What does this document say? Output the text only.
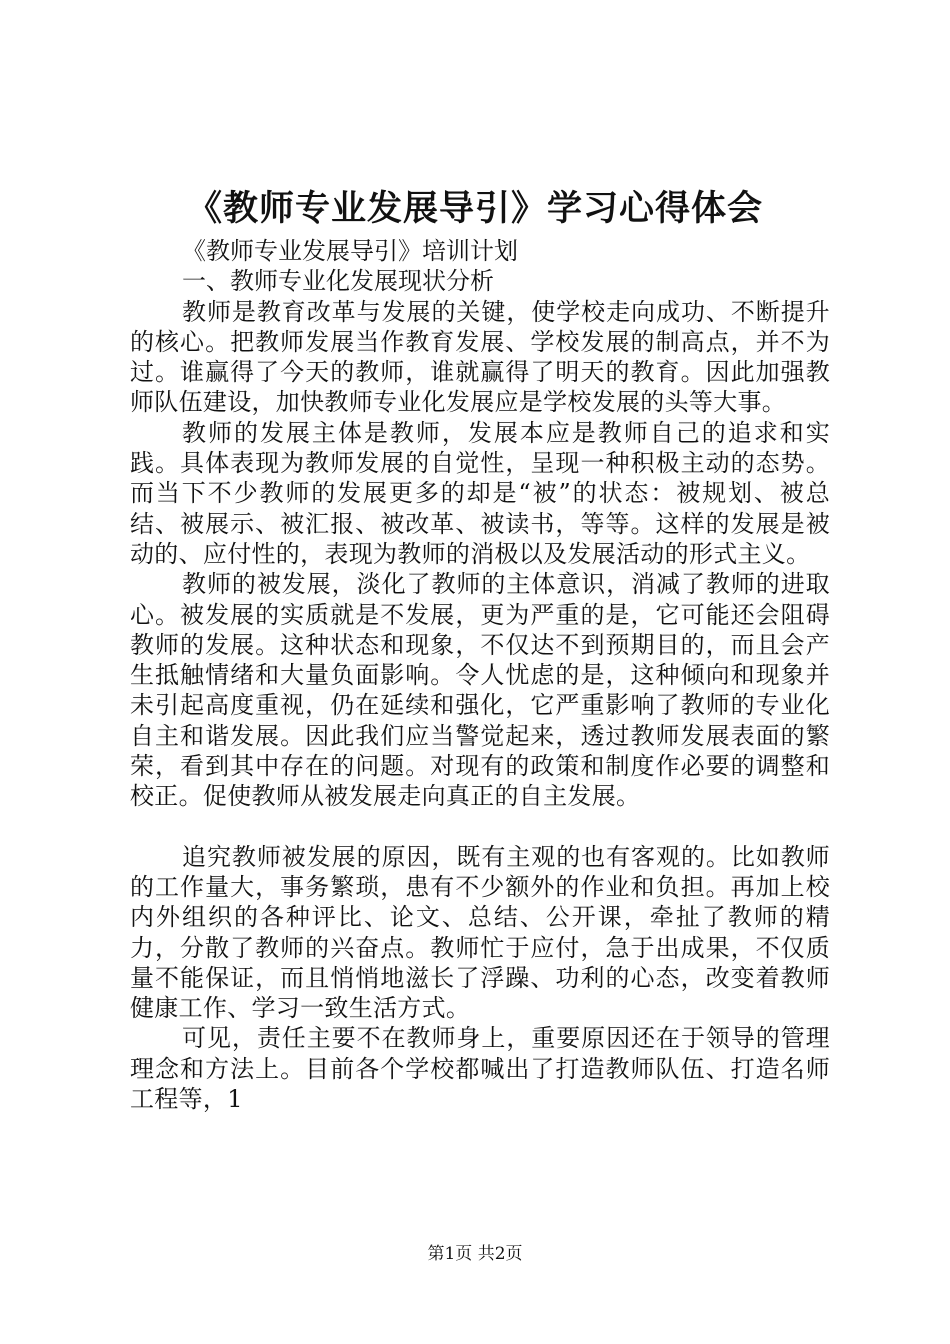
《教师专业发展导引》学习心得体会

《教师专业发展导引》培训计划

一、教师专业化发展现状分析

教师是教育改革与发展的关键，使学校走向成功、不断提升的核心。把教师发展当作教育发展、学校发展的制高点，并不为过。谁赢得了今天的教师，谁就赢得了明天的教育。因此加强教师队伍建设，加快教师专业化发展应是学校发展的头等大事。

教师的发展主体是教师，发展本应是教师自己的追求和实践。具体表现为教师发展的自觉性，呈现一种积极主动的态势。而当下不少教师的发展更多的却是“被”的状态：被规划、被总结、被展示、被汇报、被改革、被读书，等等。这样的发展是被动的、应付性的，表现为教师的消极以及发展活动的形式主义。

教师的被发展，淡化了教师的主体意识，消减了教师的进取心。被发展的实质就是不发展，更为严重的是，它可能还会阻碍教师的发展。这种状态和现象，不仅达不到预期目的，而且会产生抵触情绪和大量负面影响。令人忧虑的是，这种倾向和现象并未引起高度重视，仍在延续和强化，它严重影响了教师的专业化自主和谐发展。因此我们应当警觉起来，透过教师发展表面的繁荣，看到其中存在的问题。对现有的政策和制度作必要的调整和校正。促使教师从被发展走向真正的自主发展。

追究教师被发展的原因，既有主观的也有客观的。比如教师的工作量大，事务繁琐，患有不少额外的作业和负担。再加上校内外组织的各种评比、论文、总结、公开课，牵扯了教师的精力，分散了教师的兴奋点。教师忙于应付，急于出成果，不仅质量不能保证，而且悄悄地滋长了浮躁、功利的心态，改变着教师健康工作、学习一致生活方式。

可见，责任主要不在教师身上，重要原因还在于领导的管理理念和方法上。目前各个学校都喊出了打造教师队伍、打造名师工程等，1

第1页 共2页
